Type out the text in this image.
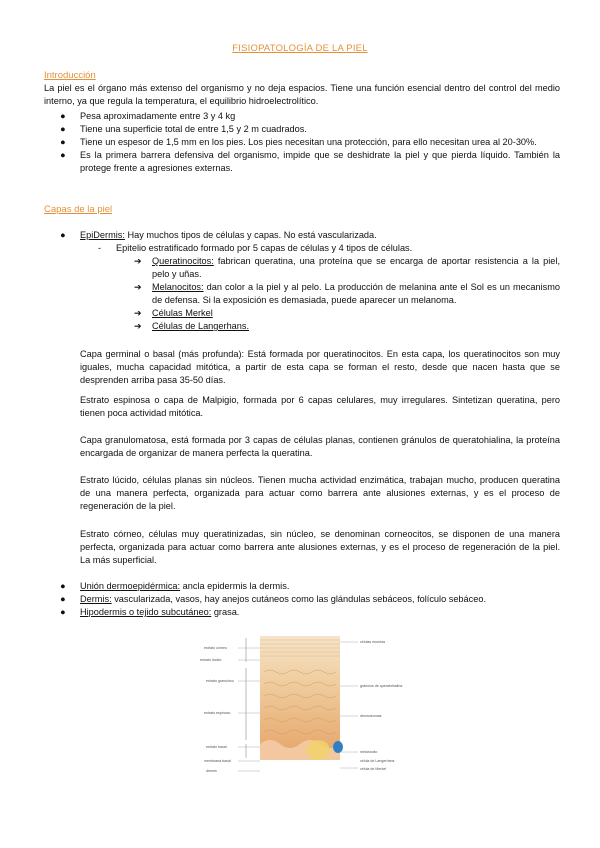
FISIOPATOLOGÍA DE LA PIEL
Introducción
La piel es el órgano más extenso del organismo y no deja espacios. Tiene una función esencial dentro del control del medio interno, ya que regula la temperatura, el equilibrio hidroelectrolítico.
● Pesa aproximadamente entre 3 y 4 kg
● Tiene una superficie total de entre 1,5 y 2 m cuadrados.
● Tiene un espesor de 1,5 mm en los pies. Los pies necesitan una protección, para ello necesitan urea al 20-30%.
● Es la primera barrera defensiva del organismo, impide que se deshidrate la piel y que pierda líquido. También la protege frente a agresiones externas.
Capas de la piel
● EpiDermis: Hay muchos tipos de células y capas. No está vascularizada.
- Epitelio estratificado formado por 5 capas de células y 4 tipos de células.
➔ Queratinocitos: fabrican queratina, una proteína que se encarga de aportar resistencia a la piel, pelo y uñas.
➔ Melanocitos: dan color a la piel y al pelo. La producción de melanina ante el Sol es un mecanismo de defensa. Si la exposición es demasiada, puede aparecer un melanoma.
➔ Células Merkel
➔ Células de Langerhans.
Capa germinal o basal (más profunda): Está formada por queratinocitos. En esta capa, los queratinocitos son muy iguales, mucha capacidad mitótica, a partir de esta capa se forman el resto, desde que nacen hasta que se desprenden arriba pasa 35-50 días.
Estrato espinosa o capa de Malpigio, formada por 6 capas celulares, muy irregulares. Sintetizan queratina, pero tienen poca actividad mitótica.
Capa granulomatosa, está formada por 3 capas de células planas, contienen gránulos de queratohialina, la proteína encargada de organizar de manera perfecta la queratina.
Estrato lúcido, células planas sin núcleos. Tienen mucha actividad enzimática, trabajan mucho, producen queratina de una manera perfecta, organizada para actuar como barrera ante alusiones externas, y es el proceso de regeneración de la piel.
Estrato córneo, células muy queratinizadas, sin núcleo, se denominan corneocitos, se disponen de una manera perfecta, organizada para actuar como barrera ante alusiones externas, y es el proceso de regeneración de la piel. La más superficial.
● Unión dermoepidérmica: ancla epidermis la dermis.
● Dermis: vascularizada, vasos, hay anejos cutáneos como las glándulas sebáceos, folículo sebáceo.
● Hipodermis o tejido subcutáneo: grasa.
estrato córneo
estrato lúcido
estrato granuloso
estrato espinoso
estrato basal
membrana basal
dermis
células muertas
gránulos de queratohialina
desmosomas
melanocito
célula de Langerhans
célula de Merkel
